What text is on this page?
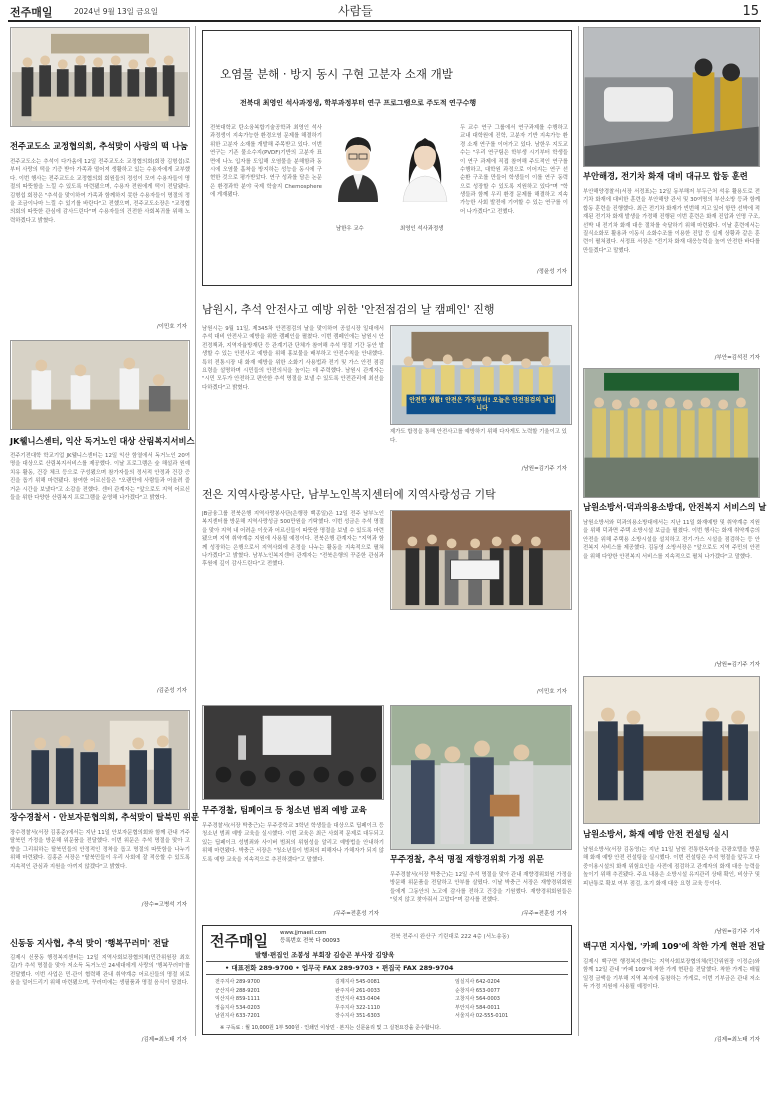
전주매일	2024년 9월 13일 금요일	사람들	15
전주교도소 교정협의회, 추석맞이 사랑의 떡 나눔
전주교도소는 추석이 다가옴에 12일 전주교도소 교정협의회(회장 김형섭)로부터 사랑의 떡을 기증 받아 가족과 떨어져 생활하고 있는 수용자에게 교부했다. 이번 행사는 전주교도소 교정협의회 회원들의 정성이 모여 수용자들이 명절의 따뜻함을 느낄 수 있도록 마련됐으며, 수용자 전원에게 떡이 전달됐다. 김형섭 회장은 "추석을 맞이하여 가족과 함께하지 못한 수용자들이 명절의 정을 조금이나마 느낄 수 있기를 바란다"고 전했으며, 전주교도소장은 "교정협의회의 따뜻한 관심에 감사드린다"며 수용자들의 건전한 사회복귀를 위해 노력하겠다고 밝혔다.
/이민호 기자
JK웰니스센터, 익산 독거노인 대상 산림복지서비스
전주기전대학 학교기업 JK웰니스센터는 12일 익산 함열에서 독거노인 20여명을 대상으로 산림복지서비스를 제공했다. 이날 프로그램은 숲 해설과 원예 치유 활동, 건강 체크 등으로 구성됐으며 참가자들의 정서적 안정과 건강 증진을 돕기 위해 마련됐다. 참여한 어르신들은 "오랜만에 사람들과 어울려 즐거운 시간을 보냈다"고 소감을 전했다. 센터 관계자는 "앞으로도 지역 어르신들을 위한 다양한 산림복지 프로그램을 운영해 나가겠다"고 밝혔다.
/김준성 기자
장수경찰서 · 안보자문협의회, 추석맞이 탈북민 위문
장수경찰서(서장 김홍준)에서는 지난 11일 안보자문협의회와 함께 관내 거주 탈북민 가정을 방문해 위문품을 전달했다. 이번 위문은 추석 명절을 맞아 고향을 그리워하는 탈북민들의 안정적인 정착을 돕고 명절의 따뜻함을 나누기 위해 마련됐다. 김홍준 서장은 "탈북민들이 우리 사회에 잘 적응할 수 있도록 지속적인 관심과 지원을 아끼지 않겠다"고 밝혔다.
/장수=고병석 기자
신동동 지사협, 추석 맞이 '행복꾸러미' 전달
김제시 신풍동 행정복지센터는 12일 지역사회보장협의체(민간위원장 최호길)가 추석 명절을 맞아 저소득 독거노인 24세대에게 사랑의 '행복꾸러미'를 전달했다. 이번 사업은 민·관이 협력해 관내 취약계층 어르신들의 명절 외로움을 덜어드리기 위해 마련됐으며, 꾸러미에는 생필품과 명절 음식이 담겼다.
/김제=최노태 기자
오염물 분해 · 방지 동시 구현 고분자 소재 개발
전북대 최영인 석사과정생, 학부과정부터 연구 프로그램으로 주도적 연구수행
전북대학교 탄소융복합기술공학과 최영인 석사과정생이 지속가능한 환경오염 문제를 해결하기 위한 고분자 소재를 개발해 주목받고 있다. 이번 연구는 기존 물소수지(PVDF)기반의 고분자 표면에 나노 입자를 도입해 오염물을 분해함과 동시에 오염물 흡착을 방지하는 성능을 동시에 구현한 것으로 평가받았다. 연구 성과를 담은 논문은 환경과학 분야 국제 학술지 Chemosphere에 게재됐다.
남한우 교수	최영인 석사과정생
두 교수 연구 그룹에서 연구과제를 수행하고 교내 대학원에 진학, 고분자 기반 지속가능 환경 소재 연구를 이어가고 있다. 남한우 지도교수는 "우리 연구팀은 학부생 시기부터 학생들이 연구 과제에 직접 참여해 주도적인 연구를 수행하고, 대학원 과정으로 이어지는 연구 선순환 구조를 만들어 학생들이 이를 연구 동력으로 성장할 수 있도록 지원하고 있다"며 "학생들과 함께 우리 환경 문제를 해결하고 지속가능한 사회 발전에 기여할 수 있는 연구를 이어 나가겠다"고 전했다.
/정윤성 기자
남원시, 추석 안전사고 예방 위한 '안전점검의 날 캠페인' 진행
남원시는 9월 11일, 제345차 안전점검의 날을 맞이하여 공설시장 일대에서 추석 대비 안전사고 예방을 위한 캠페인을 펼쳤다. 이번 캠페인에는 남원시 안전정책과, 지역자율방재단 등 관계기관 단체가 참여해 추석 명절 기간 동안 발생할 수 있는 안전사고 예방을 위해 홍보물을 배부하고 안전수칙을 안내했다. 특히 전통시장 내 화재 예방을 위한 소화기 사용법과 전기 및 가스 안전 점검 요령을 설명하며 시민들의 안전의식을 높이는 데 주력했다. 남원시 관계자는 "시민 모두가 안전하고 편안한 추석 명절을 보낼 수 있도록 안전관리에 최선을 다하겠다"고 밝혔다.
안전한 생활! 안전은 가정부터! 오늘은 안전점검의 날입니다
제가도 합정을 통해 안전사고를 예방하기 위해 다자게도 노력할 기울이고 있다.
/남원=김기주 기자
전은 지역사랑봉사단, 남부노인복지센터에 지역사랑성금 기탁
JB금융그룹 전북은행 지역사랑봉사단(은행장 백종일)은 12일 전주 남부노인복지센터를 방문해 지역사랑성금 500만원을 기탁했다. 이번 성금은 추석 명절을 맞아 지역 내 어려운 이웃과 어르신들이 따뜻한 명절을 보낼 수 있도록 마련됐으며 지역 취약계층 지원에 사용될 예정이다. 전북은행 관계자는 "지역과 함께 성장하는 은행으로서 지역사회에 온정을 나누는 활동을 지속적으로 펼쳐 나가겠다"고 밝혔다. 남부노인복지센터 관계자는 "전북은행의 꾸준한 관심과 후원에 깊이 감사드린다"고 전했다.
/이민호 기자
무주경찰, 팀페이크 등 청소년 범죄 예방 교육
무주경찰서(서장 박충근)는 무주중학교 3학년 학생들을 대상으로 딥페이크 등 청소년 범죄 예방 교육을 실시했다. 이번 교육은 최근 사회적 문제로 대두되고 있는 딥페이크 성범죄와 사이버 범죄의 위험성을 알리고 예방법을 안내하기 위해 마련됐다. 박충근 서장은 "청소년들이 범죄의 피해자나 가해자가 되지 않도록 예방 교육을 지속적으로 추진하겠다"고 말했다.
/무주=전훈성 기자
무주경찰, 추석 명절 재향경위회 가정 위문
무주경찰서(서장 박충근)는 12일 추석 명절을 맞아 관내 재향경위회원 가정을 방문해 위문품을 전달하고 안부를 살폈다. 이날 박충근 서장은 재향경위회원들에게 그동안의 노고에 감사를 전하고 건강을 기원했다. 재향경위회원들은 "잊지 않고 찾아줘서 고맙다"며 감사를 전했다.
/무주=전훈성 기자
전주매일 www.jjmaeil.com
등록번호 전북 다 00093
전북 전주시 완산구 기린대로 222 4층 (서노송동)
발행·편집인 조봉성 부회장 김승곤 부사장 김양욱
• 대표전화 289-9700 • 업무국 FAX 289-9703 • 편집국 FAX 289-9704
전주지사 289-9700
군산지사 288-9201
익산지사 859-1111
정읍지사 534-0203
남원지사 633-7201
김제지사 545-0081
완주지사 261-0033
진안지사 433-0404
무주지사 322-1110
장수지사 351-6303
임실지사 642-0204
순창지사 653-0077
고창지사 564-0003
부안지사 584-0011
서울지사 02-555-0101
※ 구독료 : 월 10,000원 1부 500원 · 인쇄인 이상민 · 본지는 신문윤리 및 그 실천요강을 준수합니다.
부안해경, 전기차 화재 대비 대규모 합동 훈련
부안해양경찰서(서장 서정표)는 12일 동부해저 부두근처 석유 활용도로 전기차 화재에 대비한 훈련을 부안해양 관서 및 30여명의 부산소방 등과 함께 합동 훈련을 진행했다. 최근 전기차 화재가 빈번해 지고 있어 항만 선박에 적재된 전기차 화재 발생을 가정해 진행된 이번 훈련은 화재 진압과 인명 구조, 선박 내 전기차 화재 대응 절차를 숙달하기 위해 마련됐다. 이날 훈련에서는 질식소화포 활용과 이동식 소화수조를 이용한 진압 등 실제 상황과 같은 훈련이 펼쳐졌다. 서정표 서장은 "전기차 화재 대응능력을 높여 안전한 바다를 만들겠다"고 말했다.
/부안=김석진 기자
남원소방서·덕과의용소방대, 안전복지 서비스의 날
남원소방서와 덕과의용소방대에서는 지난 11일 화재예방 및 취약계층 지원을 위해 덕과면 주택 소방시설 보급을 펼쳤다. 이번 행사는 화재 취약계층의 안전을 위해 주택용 소방시설을 설치하고 전기·가스 시설을 점검하는 등 안전복지 서비스를 제공했다. 김동영 소방서장은 "앞으로도 지역 주민의 안전을 위해 다양한 안전복지 서비스를 지속적으로 펼쳐 나가겠다"고 말했다.
/남원=김기주 기자
남원소방서, 화재 예방 안전 컨설팅 실시
남원소방서(서장 김동영)는 지난 11일 남원 전통한옥마을 관광호텔을 방문해 화재 예방 안전 컨설팅을 실시했다. 이번 컨설팅은 추석 명절을 앞두고 다중이용시설의 화재 위험요인을 사전에 점검하고 관계자의 화재 대응 능력을 높이기 위해 추진됐다. 주요 내용은 소방시설 유지관리 상태 확인, 비상구 및 피난통로 확보 여부 점검, 초기 화재 대응 요령 교육 등이다.
/남원=김기주 기자
백구면 지사협, '카페 109'에 착한 가게 현판 전달
김제시 백구면 행정복지센터는 지역사회보장협의체(민간위원장 이정순)와 함께 12일 관내 '카페 109'에 착한 가게 현판을 전달했다. 착한 가게는 매월 일정 금액을 기부해 지역 복지에 동참하는 가게로, 이번 기부금은 관내 저소득 가정 지원에 사용될 예정이다.
/김제=최노태 기자
